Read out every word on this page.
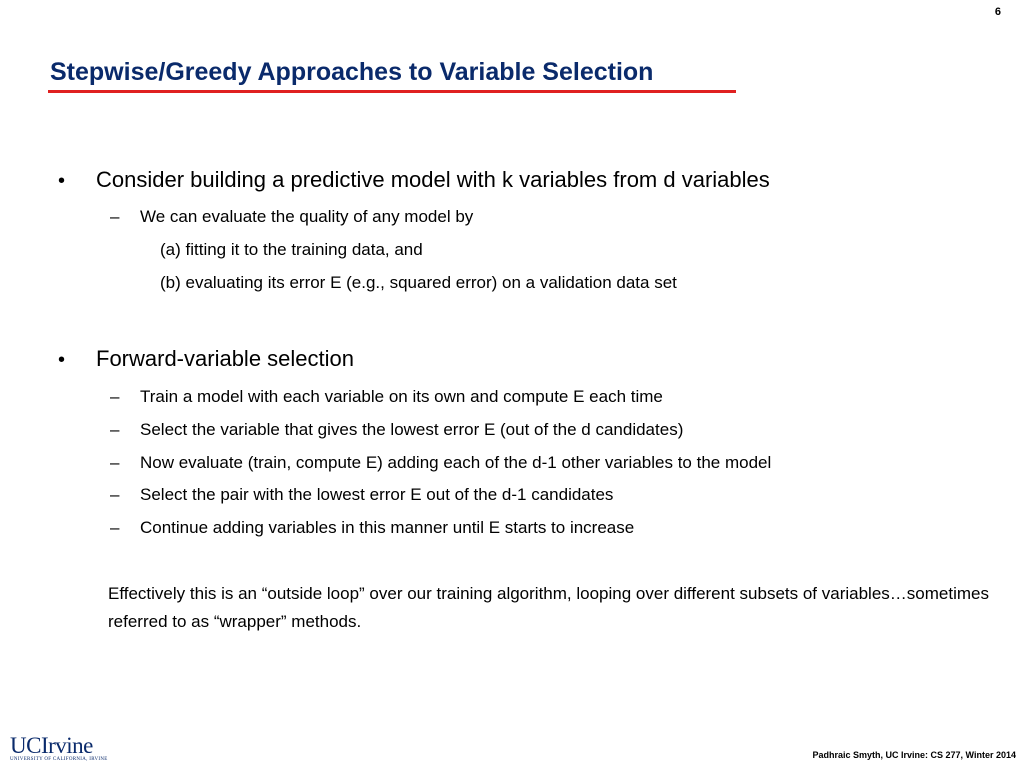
6
Stepwise/Greedy Approaches to Variable Selection
• Consider building a predictive model with k variables from d variables
– We can evaluate the quality of any model by
(a) fitting it to the training data, and
(b) evaluating its error E (e.g., squared error) on a validation data set
• Forward-variable selection
– Train a model with each variable on its own and compute E each time
– Select the variable that gives the lowest error E (out of the d candidates)
– Now evaluate (train, compute E) adding each of the d-1 other variables to the model
– Select the pair with the lowest error E out of the d-1 candidates
– Continue adding variables in this manner until E starts to increase

Effectively this is an “outside loop” over our training algorithm, looping over different subsets of variables…sometimes referred to as “wrapper” methods.

UCIrvine
UNIVERSITY OF CALIFORNIA, IRVINE	Padhraic Smyth, UC Irvine: CS 277, Winter 2014
